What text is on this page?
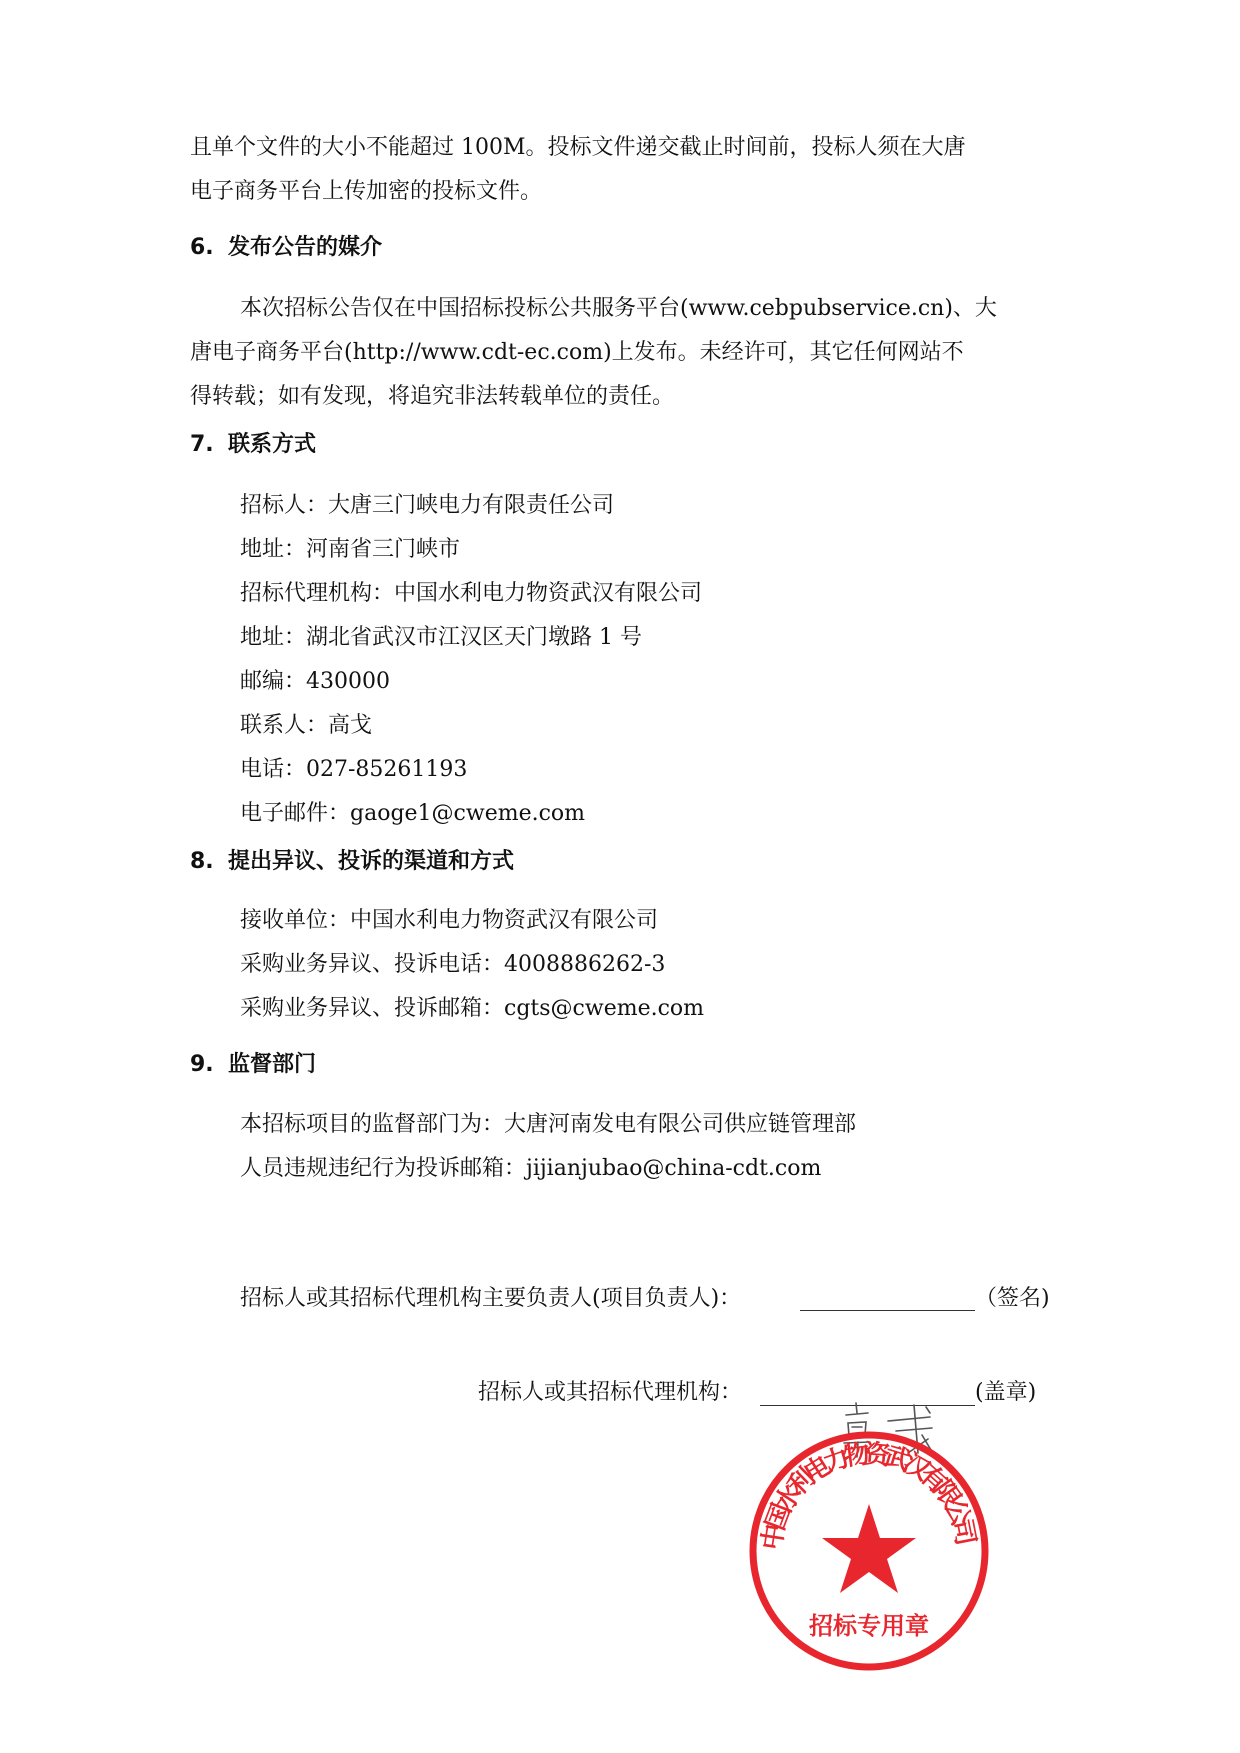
且单个文件的大小不能超过 100M。投标文件递交截止时间前，投标人须在大唐
电子商务平台上传加密的投标文件。
6. 发布公告的媒介
本次招标公告仅在中国招标投标公共服务平台(www.cebpubservice.cn)、大
唐电子商务平台(http://www.cdt-ec.com)上发布。未经许可，其它任何网站不
得转载；如有发现，将追究非法转载单位的责任。
7. 联系方式
招标人：大唐三门峡电力有限责任公司
地址：河南省三门峡市
招标代理机构：中国水利电力物资武汉有限公司
地址：湖北省武汉市江汉区天门墩路 1 号
邮编：430000
联系人：高戈
电话：027-85261193
电子邮件：gaoge1@cweme.com
8. 提出异议、投诉的渠道和方式
接收单位：中国水利电力物资武汉有限公司
采购业务异议、投诉电话：4008886262-3
采购业务异议、投诉邮箱：cgts@cweme.com
9. 监督部门
本招标项目的监督部门为：大唐河南发电有限公司供应链管理部
人员违规违纪行为投诉邮箱：jijianjubao@china-cdt.com
招标人或其招标代理机构主要负责人(项目负责人)：	（签名)
招标人或其招标代理机构：	(盖章)
中国水利电力物资武汉有限公司
招标专用章
